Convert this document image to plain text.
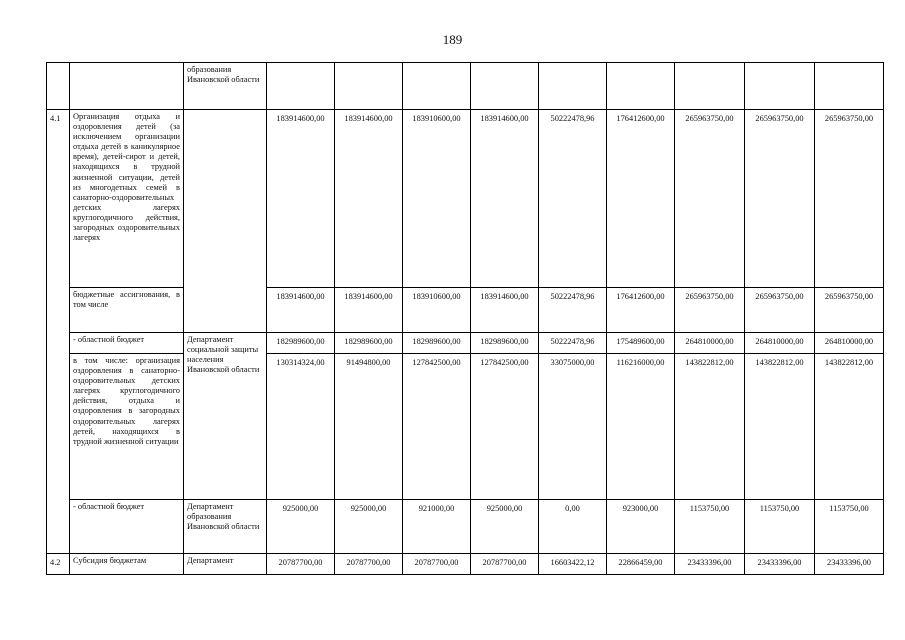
189
		образования Ивановской области									
4.1	Организация отдыха и оздоровления детей (за исключением организации отдыха детей в каникулярное время), детей-сирот и детей, находящихся в трудной жизненной ситуации, детей из многодетных семей в санаторно-оздоровительных детских лагерях круглогодичного действия, загородных оздоровительных лагерях		183914600,00	183914600,00	183910600,00	183914600,00	50222478,96	176412600,00	265963750,00	265963750,00	265963750,00
	бюджетные ассигнования, в том числе		183914600,00	183914600,00	183910600,00	183914600,00	50222478,96	176412600,00	265963750,00	265963750,00	265963750,00
	- областной бюджет	Департамент социальной защиты населения Ивановской области	182989600,00	182989600,00	182989600,00	182989600,00	50222478,96	175489600,00	264810000,00	264810000,00	264810000,00
	в том числе: организация оздоровления в санаторно-оздоровительных детских лагерях круглогодичного действия, отдыха и оздоровления в загородных оздоровительных лагерях детей, находящихся в трудной жизненной ситуации		130314324,00	91494800,00	127842500,00	127842500,00	33075000,00	116216000,00	143822812,00	143822812,00	143822812,00
	- областной бюджет	Департамент образования Ивановской области	925000,00	925000,00	921000,00	925000,00	0,00	923000,00	1153750,00	1153750,00	1153750,00
4.2	Субсидия бюджетам	Департамент	20787700,00	20787700,00	20787700,00	20787700,00	16603422,12	22866459,00	23433396,00	23433396,00	23433396,00
